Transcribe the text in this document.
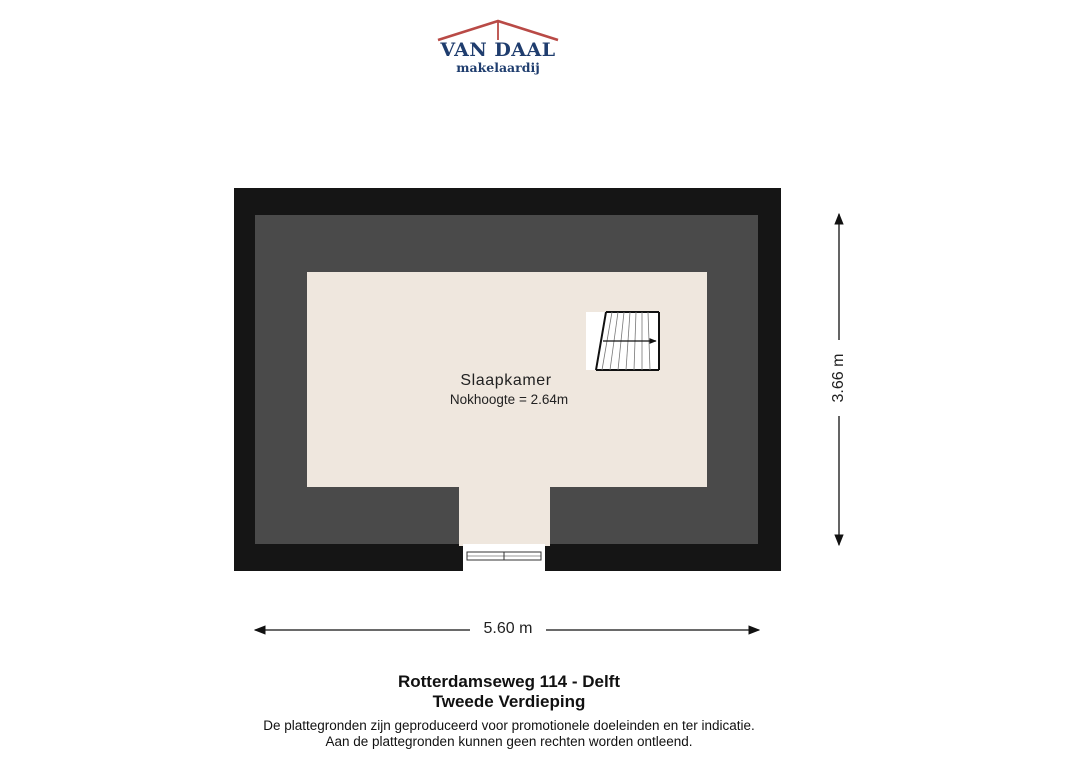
VAN DAAL
makelaardij
Slaapkamer
Nokhoogte = 2.64m
5.60 m
3.66 m
Rotterdamseweg 114 - Delft
Tweede Verdieping
De plattegronden zijn geproduceerd voor promotionele doeleinden en ter indicatie.
Aan de plattegronden kunnen geen rechten worden ontleend.
